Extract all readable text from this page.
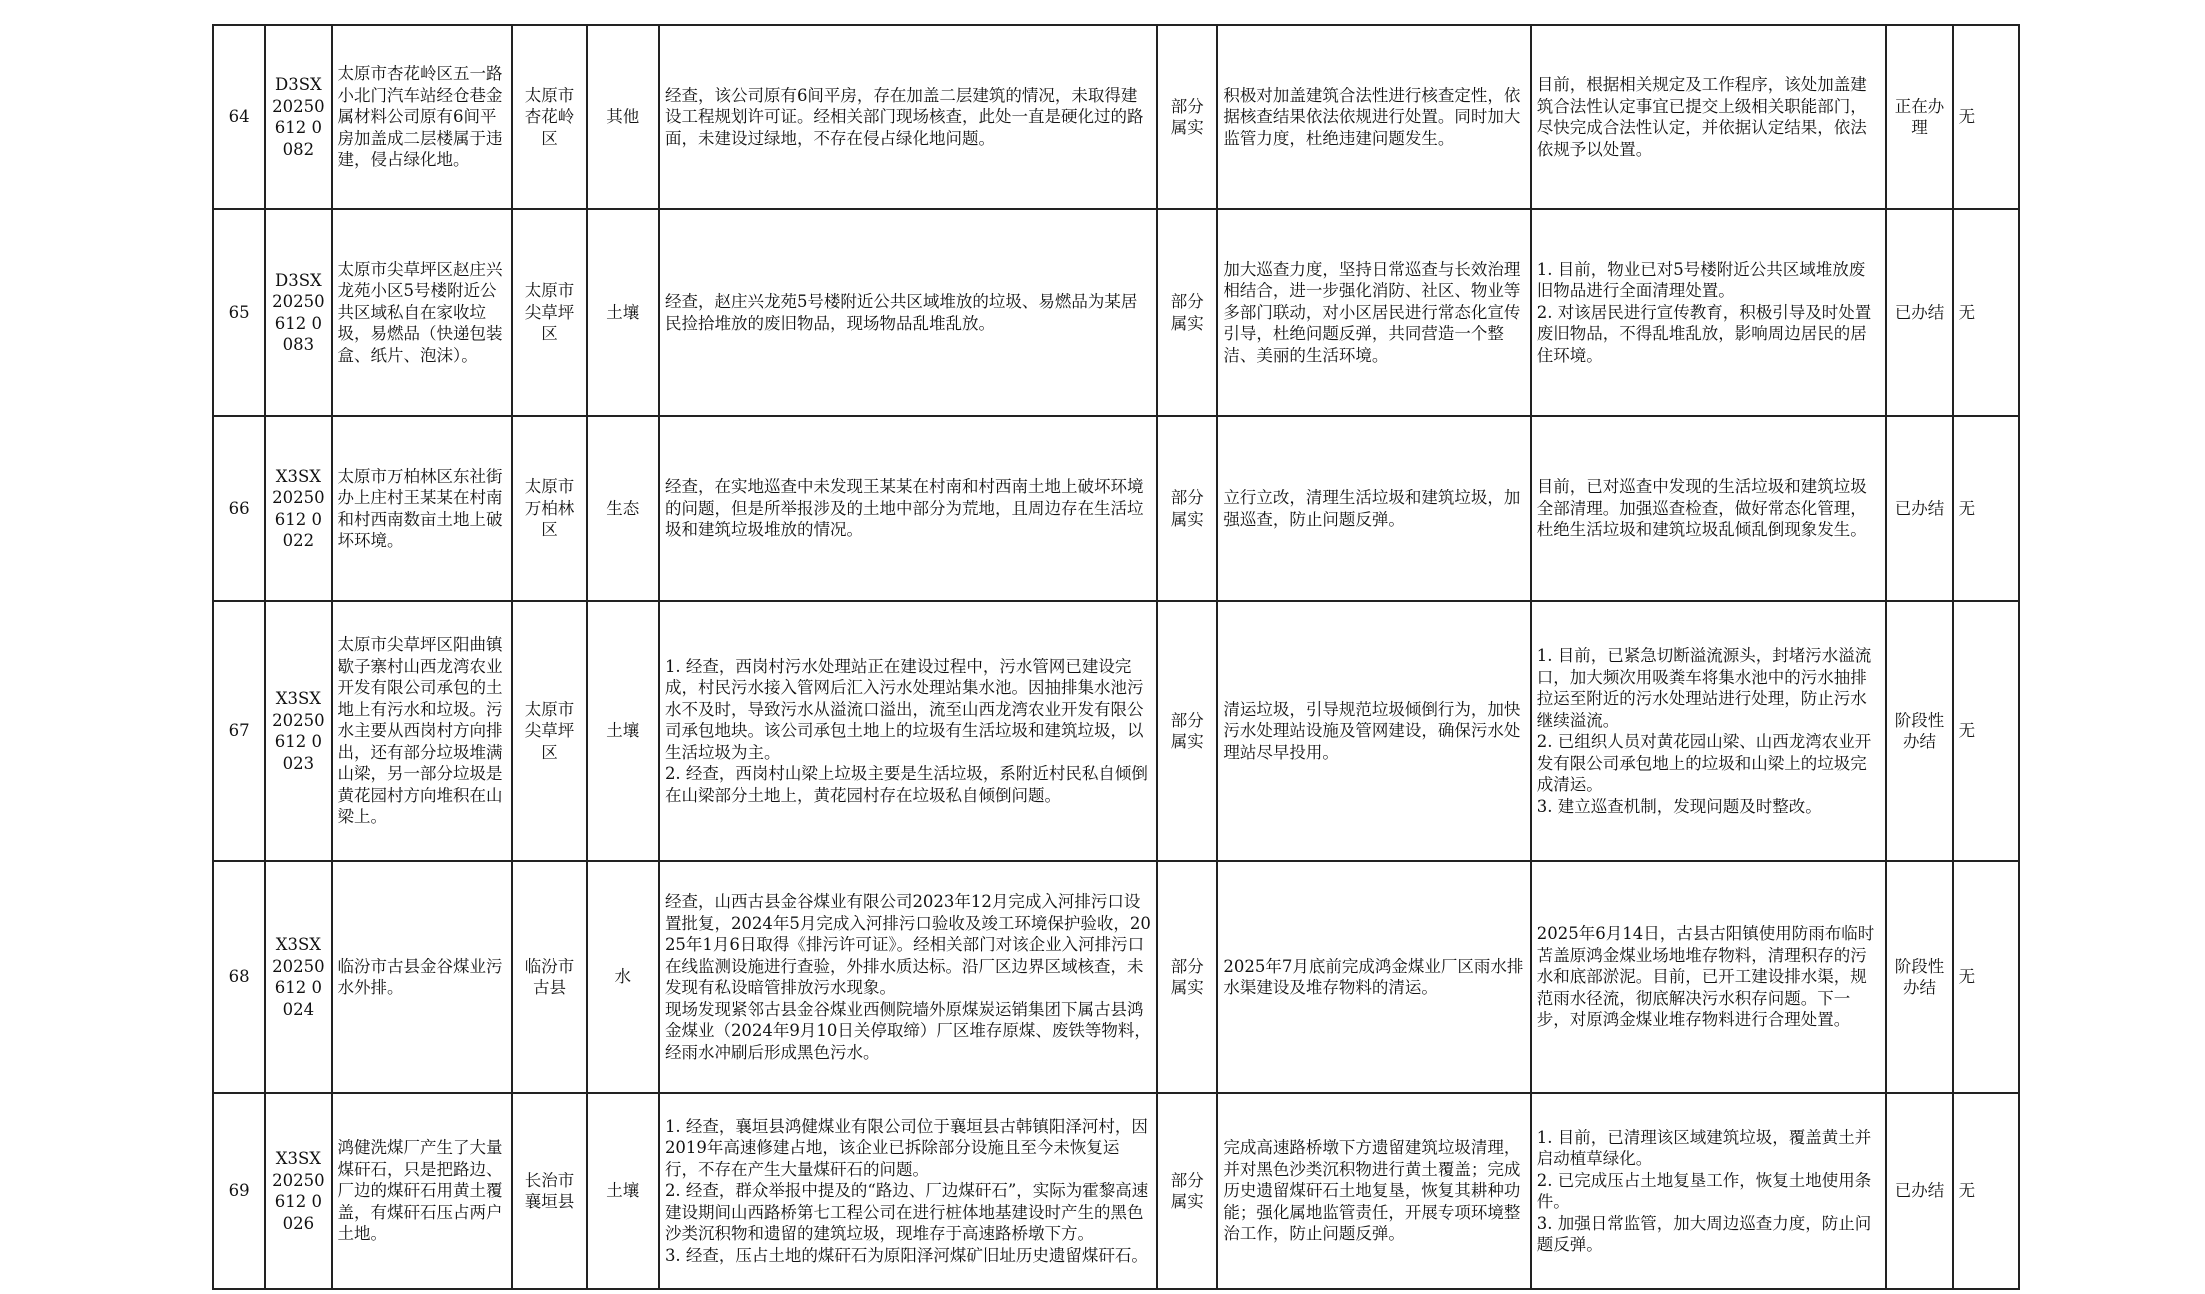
64	D3SX20250612 0082	太原市杏花岭区五一路小北门汽车站经仓巷金属材料公司原有6间平房加盖成二层楼属于违建，侵占绿化地。	太原市杏花岭区	其他	经查，该公司原有6间平房，存在加盖二层建筑的情况，未取得建设工程规划许可证。经相关部门现场核查，此处一直是硬化过的路面，未建设过绿地，不存在侵占绿化地问题。	部分属实	积极对加盖建筑合法性进行核查定性，依据核查结果依法依规进行处置。同时加大监管力度，杜绝违建问题发生。	目前，根据相关规定及工作程序，该处加盖建筑合法性认定事宜已提交上级相关职能部门，尽快完成合法性认定，并依据认定结果，依法依规予以处置。	正在办理	无

65	D3SX20250612 0083	太原市尖草坪区赵庄兴龙苑小区5号楼附近公共区域私自在家收垃圾，易燃品（快递包装盒、纸片、泡沫）。	太原市尖草坪区	土壤	经查，赵庄兴龙苑5号楼附近公共区域堆放的垃圾、易燃品为某居民捡拾堆放的废旧物品，现场物品乱堆乱放。	部分属实	加大巡查力度，坚持日常巡查与长效治理相结合，进一步强化消防、社区、物业等多部门联动，对小区居民进行常态化宣传引导，杜绝问题反弹，共同营造一个整洁、美丽的生活环境。	1. 目前，物业已对5号楼附近公共区域堆放废旧物品进行全面清理处置。
2. 对该居民进行宣传教育，积极引导及时处置废旧物品，不得乱堆乱放，影响周边居民的居住环境。	已办结	无

66	X3SX20250612 0022	太原市万柏林区东社街办上庄村王某某在村南和村西南数亩土地上破坏环境。	太原市万柏林区	生态	经查，在实地巡查中未发现王某某在村南和村西南土地上破坏环境的问题，但是所举报涉及的土地中部分为荒地，且周边存在生活垃圾和建筑垃圾堆放的情况。	部分属实	立行立改，清理生活垃圾和建筑垃圾，加强巡查，防止问题反弹。	目前，已对巡查中发现的生活垃圾和建筑垃圾全部清理。加强巡查检查，做好常态化管理，杜绝生活垃圾和建筑垃圾乱倾乱倒现象发生。	已办结	无

67	X3SX20250612 0023	太原市尖草坪区阳曲镇歇子寨村山西龙湾农业开发有限公司承包的土地上有污水和垃圾。污水主要从西岗村方向排出，还有部分垃圾堆满山梁，另一部分垃圾是黄花园村方向堆积在山梁上。	太原市尖草坪区	土壤	1. 经查，西岗村污水处理站正在建设过程中，污水管网已建设完成，村民污水接入管网后汇入污水处理站集水池。因抽排集水池污水不及时，导致污水从溢流口溢出，流至山西龙湾农业开发有限公司承包地块。该公司承包土地上的垃圾有生活垃圾和建筑垃圾，以生活垃圾为主。
2. 经查，西岗村山梁上垃圾主要是生活垃圾，系附近村民私自倾倒在山梁部分土地上，黄花园村存在垃圾私自倾倒问题。	部分属实	清运垃圾，引导规范垃圾倾倒行为，加快污水处理站设施及管网建设，确保污水处理站尽早投用。	1. 目前，已紧急切断溢流源头，封堵污水溢流口，加大频次用吸粪车将集水池中的污水抽排拉运至附近的污水处理站进行处理，防止污水继续溢流。
2. 已组织人员对黄花园山梁、山西龙湾农业开发有限公司承包地上的垃圾和山梁上的垃圾完成清运。
3. 建立巡查机制，发现问题及时整改。	阶段性办结	无

68	X3SX20250612 0024	临汾市古县金谷煤业污水外排。	临汾市古县	水	经查，山西古县金谷煤业有限公司2023年12月完成入河排污口设置批复，2024年5月完成入河排污口验收及竣工环境保护验收，2025年1月6日取得《排污许可证》。经相关部门对该企业入河排污口在线监测设施进行查验，外排水质达标。沿厂区边界区域核查，未发现有私设暗管排放污水现象。
现场发现紧邻古县金谷煤业西侧院墙外原煤炭运销集团下属古县鸿金煤业（2024年9月10日关停取缔）厂区堆存原煤、废铁等物料，经雨水冲刷后形成黑色污水。	部分属实	2025年7月底前完成鸿金煤业厂区雨水排水渠建设及堆存物料的清运。	2025年6月14日，古县古阳镇使用防雨布临时苫盖原鸿金煤业场地堆存物料，清理积存的污水和底部淤泥。目前，已开工建设排水渠，规范雨水径流，彻底解决污水积存问题。下一步，对原鸿金煤业堆存物料进行合理处置。	阶段性办结	无

69	X3SX20250612 0026	鸿健洗煤厂产生了大量煤矸石，只是把路边、厂边的煤矸石用黄土覆盖，有煤矸石压占两户土地。	长治市襄垣县	土壤	1. 经查，襄垣县鸿健煤业有限公司位于襄垣县古韩镇阳泽河村，因2019年高速修建占地，该企业已拆除部分设施且至今未恢复运行，不存在产生大量煤矸石的问题。
2. 经查，群众举报中提及的“路边、厂边煤矸石”，实际为霍黎高速建设期间山西路桥第七工程公司在进行桩体地基建设时产生的黑色沙类沉积物和遗留的建筑垃圾，现堆存于高速路桥墩下方。
3. 经查，压占土地的煤矸石为原阳泽河煤矿旧址历史遗留煤矸石。	部分属实	完成高速路桥墩下方遗留建筑垃圾清理，并对黑色沙类沉积物进行黄土覆盖；完成历史遗留煤矸石土地复垦，恢复其耕种功能；强化属地监管责任，开展专项环境整治工作，防止问题反弹。	1. 目前，已清理该区域建筑垃圾，覆盖黄土并启动植草绿化。
2. 已完成压占土地复垦工作，恢复土地使用条件。
3. 加强日常监管，加大周边巡查力度，防止问题反弹。	已办结	无
